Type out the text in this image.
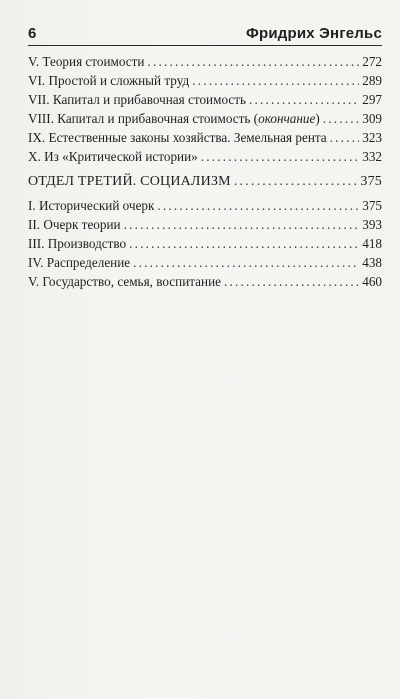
6	Фридрих Энгельс
V. Теория стоимости .....	272
VI. Простой и сложный труд .....	289
VII. Капитал и прибавочная стоимость .....	297
VIII. Капитал и прибавочная стоимость (окончание) .....	309
IX. Естественные законы хозяйства. Земельная рента .....	323
X. Из «Критической истории» .....	332
ОТДЕЛ ТРЕТИЙ. СОЦИАЛИЗМ .....	375
I. Исторический очерк .....	375
II. Очерк теории .....	393
III. Производство .....	418
IV. Распределение .....	438
V. Государство, семья, воспитание .....	460
